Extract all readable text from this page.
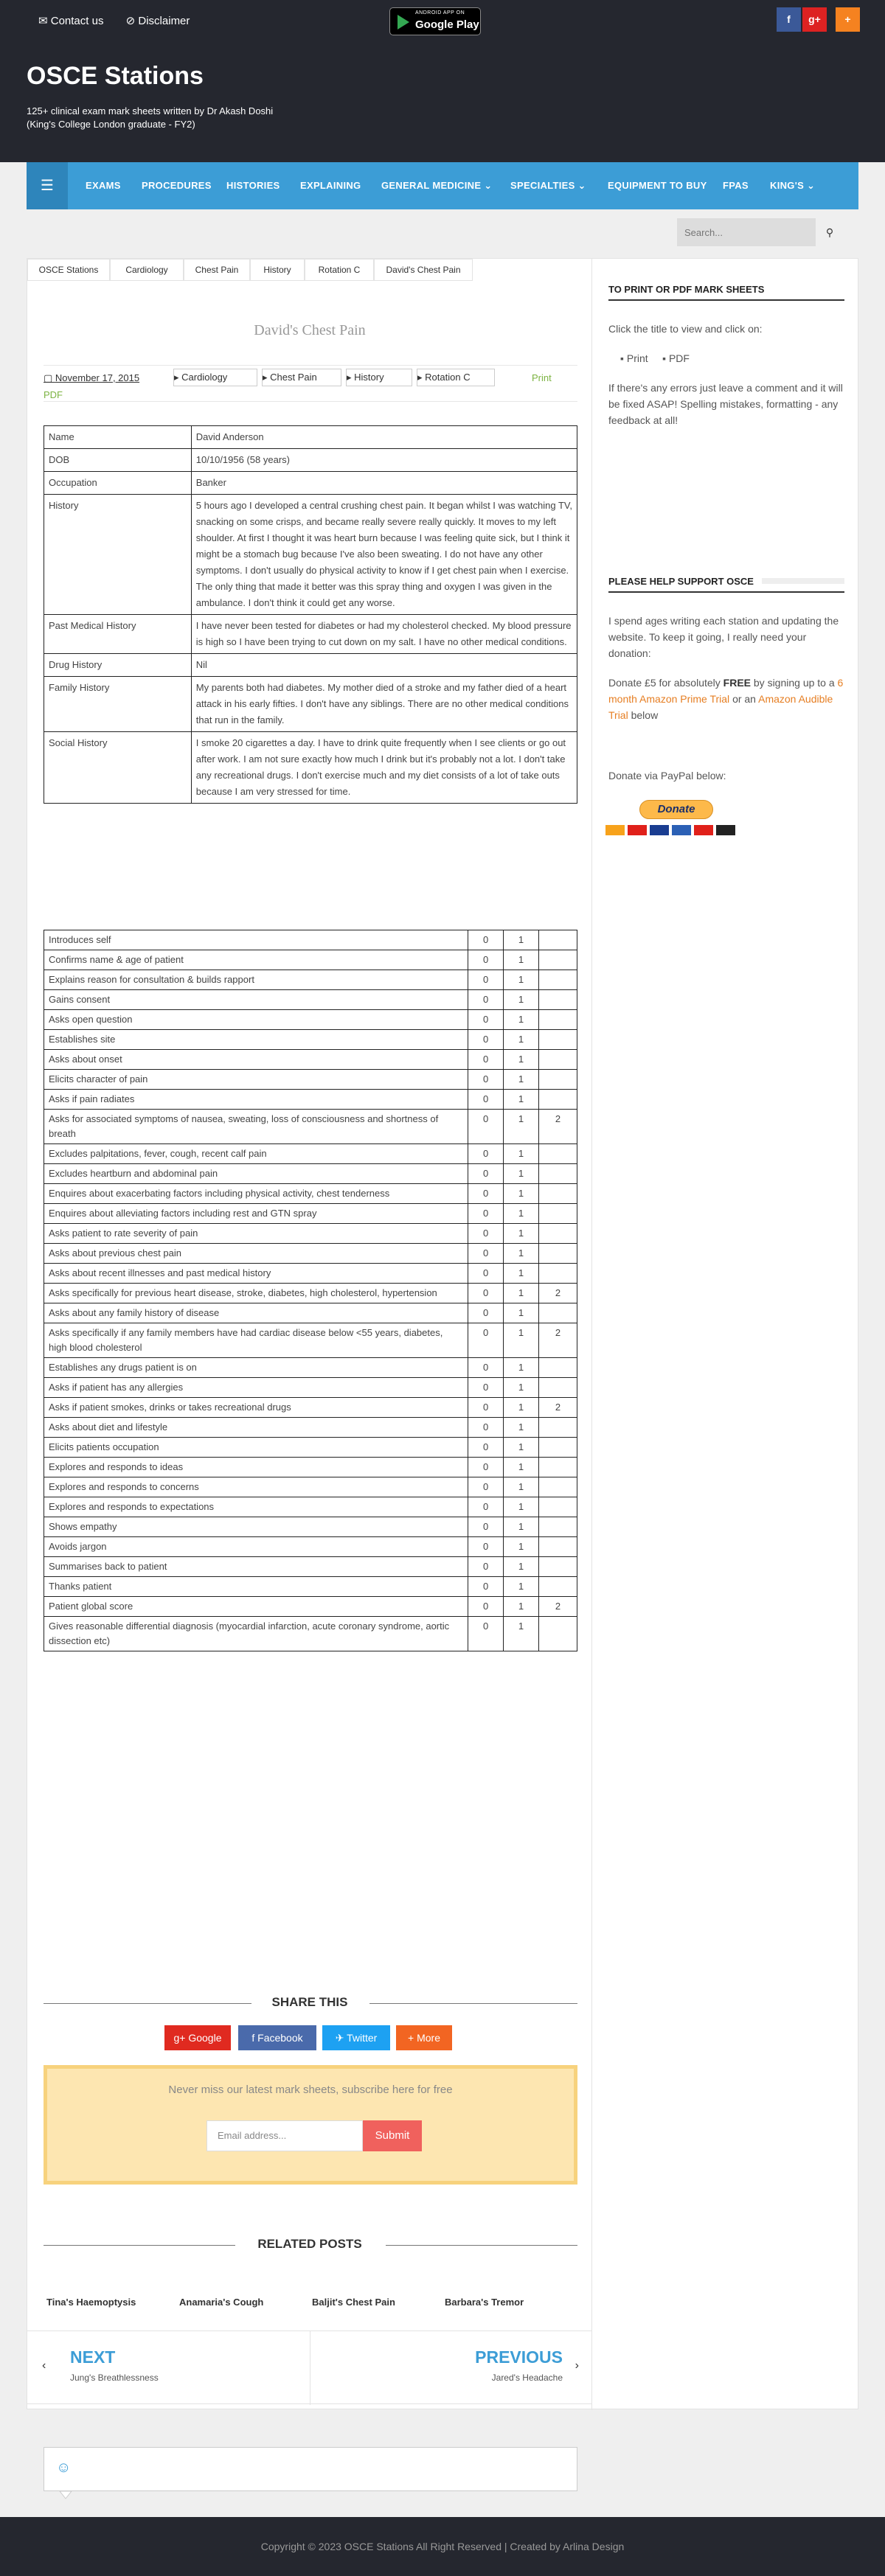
✉ Contact us ⊘ Disclaimer
ANDROID APP ON
Google Play	f	g+	+
OSCE Stations
125+ clinical exam mark sheets written by Dr Akash Doshi (King's College London graduate - FY2)
☰	EXAMS PROCEDURES HISTORIES EXPLAINING GENERAL MEDICINE ⌄ SPECIALTIES ⌄ EQUIPMENT TO BUY FPAS KING'S ⌄
Search...
⚲
OSCE Stations	Cardiology	Chest Pain	History	Rotation C	David's Chest Pain
David's Chest Pain
▢ November 17, 2015	▸ Cardiology	▸ Chest Pain	▸ History	▸ Rotation C	Print
PDF
Name	David Anderson
DOB	10/10/1956 (58 years)
Occupation	Banker
History	5 hours ago I developed a central crushing chest pain. It began whilst I was watching TV, snacking on some crisps, and became really severe really quickly. It moves to my left shoulder. At first I thought it was heart burn because I was feeling quite sick, but I think it might be a stomach bug because I've also been sweating. I do not have any other symptoms. I don't usually do physical activity to know if I get chest pain when I exercise. The only thing that made it better was this spray thing and oxygen I was given in the ambulance. I don't think it could get any worse.
Past Medical History	I have never been tested for diabetes or had my cholesterol checked. My blood pressure is high so I have been trying to cut down on my salt. I have no other medical conditions.
Drug History	Nil
Family History	My parents both had diabetes. My mother died of a stroke and my father died of a heart attack in his early fifties. I don't have any siblings. There are no other medical conditions that run in the family.
Social History	I smoke 20 cigarettes a day. I have to drink quite frequently when I see clients or go out after work. I am not sure exactly how much I drink but it's probably not a lot. I don't take any recreational drugs. I don't exercise much and my diet consists of a lot of take outs because I am very stressed for time.
Introduces self	0	1	
Confirms name & age of patient	0	1	
Explains reason for consultation & builds rapport	0	1	
Gains consent	0	1	
Asks open question	0	1	
Establishes site	0	1	
Asks about onset	0	1	
Elicits character of pain	0	1	
Asks if pain radiates	0	1	
Asks for associated symptoms of nausea, sweating, loss of consciousness and shortness of breath	0	1	2
Excludes palpitations, fever, cough, recent calf pain	0	1	
Excludes heartburn and abdominal pain	0	1	
Enquires about exacerbating factors including physical activity, chest tenderness	0	1	
Enquires about alleviating factors including rest and GTN spray	0	1	
Asks patient to rate severity of pain	0	1	
Asks about previous chest pain	0	1	
Asks about recent illnesses and past medical history	0	1	
Asks specifically for previous heart disease, stroke, diabetes, high cholesterol, hypertension	0	1	2
Asks about any family history of disease	0	1	
Asks specifically if any family members have had cardiac disease below <55 years, diabetes, high blood cholesterol	0	1	2
Establishes any drugs patient is on	0	1	
Asks if patient has any allergies	0	1	
Asks if patient smokes, drinks or takes recreational drugs	0	1	2
Asks about diet and lifestyle	0	1	
Elicits patients occupation	0	1	
Explores and responds to ideas	0	1	
Explores and responds to concerns	0	1	
Explores and responds to expectations	0	1	
Shows empathy	0	1	
Avoids jargon	0	1	
Summarises back to patient	0	1	
Thanks patient	0	1	
Patient global score	0	1	2
Gives reasonable differential diagnosis (myocardial infarction, acute coronary syndrome, aortic dissection etc)	0	1	
SHARE THIS
g+ Google	f Facebook	✈ Twitter	+ More
Never miss our latest mark sheets, subscribe here for free
Email address...	Submit
RELATED POSTS
Tina's Haemoptysis	Anamaria's Cough	Baljit's Chest Pain	Barbara's Tremor
‹ NEXT
Jung's Breathlessness
PREVIOUS
Jared's Headache
›
☺
TO PRINT OR PDF MARK SHEETS
Click the title to view and click on:
▪ Print ▪ PDF
If there's any errors just leave a comment and it will be fixed ASAP! Spelling mistakes, formatting - any feedback at all!
PLEASE HELP SUPPORT OSCE
I spend ages writing each station and updating the website. To keep it going, I really need your donation:
Donate £5 for absolutely FREE by signing up to a 6 month Amazon Prime Trial or an Amazon Audible Trial below
Donate via PayPal below:
Donate
Copyright © 2023 OSCE Stations All Right Reserved | Created by Arlina Design
